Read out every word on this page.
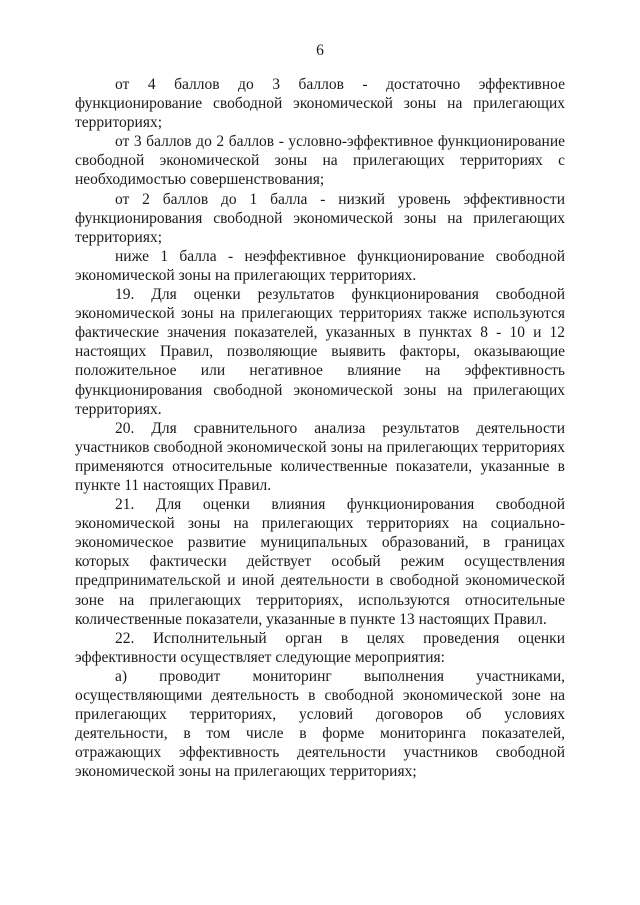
6

от 4 баллов до 3 баллов - достаточно эффективное функционирование свободной экономической зоны на прилегающих территориях;

от 3 баллов до 2 баллов - условно-эффективное функционирование свободной экономической зоны на прилегающих территориях с необходимостью совершенствования;

от 2 баллов до 1 балла - низкий уровень эффективности функционирования свободной экономической зоны на прилегающих территориях;

ниже 1 балла - неэффективное функционирование свободной экономической зоны на прилегающих территориях.

19. Для оценки результатов функционирования свободной экономической зоны на прилегающих территориях также используются фактические значения показателей, указанных в пунктах 8 - 10 и 12 настоящих Правил, позволяющие выявить факторы, оказывающие положительное или негативное влияние на эффективность функционирования свободной экономической зоны на прилегающих территориях.

20. Для сравнительного анализа результатов деятельности участников свободной экономической зоны на прилегающих территориях применяются относительные количественные показатели, указанные в пункте 11 настоящих Правил.

21. Для оценки влияния функционирования свободной экономической зоны на прилегающих территориях на социально-экономическое развитие муниципальных образований, в границах которых фактически действует особый режим осуществления предпринимательской и иной деятельности в свободной экономической зоне на прилегающих территориях, используются относительные количественные показатели, указанные в пункте 13 настоящих Правил.

22. Исполнительный орган в целях проведения оценки эффективности осуществляет следующие мероприятия:

а) проводит мониторинг выполнения участниками, осуществляющими деятельность в свободной экономической зоне на прилегающих территориях, условий договоров об условиях деятельности, в том числе в форме мониторинга показателей, отражающих эффективность деятельности участников свободной экономической зоны на прилегающих территориях;
